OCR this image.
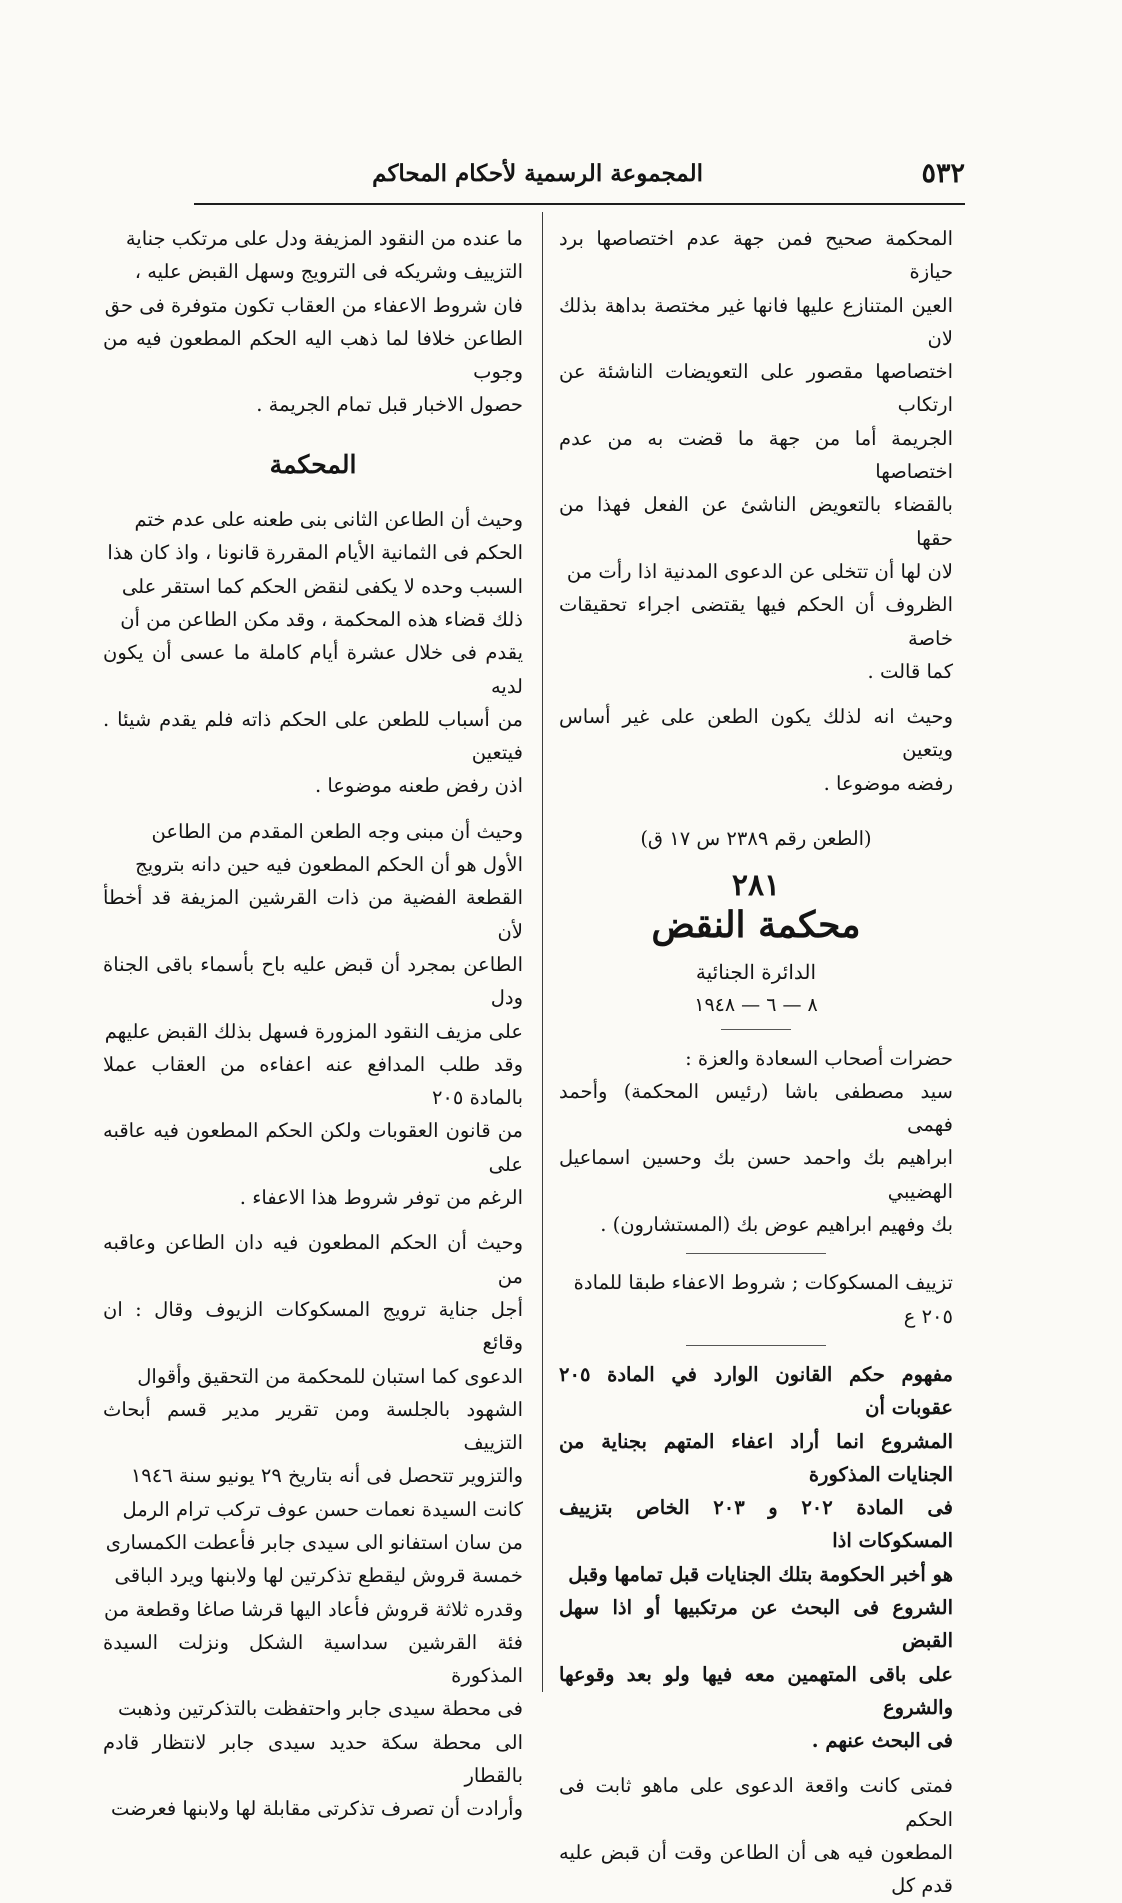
٥٣٢
المجموعة الرسمية لأحكام المحاكم
المحكمة صحيح فمن جهة عدم اختصاصها برد حيازة
العين المتنازع عليها فانها غير مختصة بداهة بذلك لان
اختصاصها مقصور على التعويضات الناشئة عن ارتكاب
الجريمة أما من جهة ما قضت به من عدم اختصاصها
بالقضاء بالتعويض الناشئ عن الفعل فهذا من حقها
لان لها أن تتخلى عن الدعوى المدنية اذا رأت من
الظروف أن الحكم فيها يقتضى اجراء تحقيقات خاصة
كما قالت .
وحيث انه لذلك يكون الطعن على غير أساس ويتعين
رفضه موضوعا .
(الطعن رقم ٢٣٨٩ س ١٧ ق)
٢٨١
محكمة النقض
الدائرة الجنائية
٨ — ٦ — ١٩٤٨
حضرات أصحاب السعادة والعزة :
سيد مصطفى باشا (رئيس المحكمة) وأحمد فهمى
ابراهيم بك واحمد حسن بك وحسين اسماعيل الهضيبي
بك وفهيم ابراهيم عوض بك (المستشارون) .
تزييف المسكوكات ; شروط الاعفاء طبقا للمادة
٢٠٥ ع
مفهوم حكم القانون الوارد في المادة ٢٠٥ عقوبات أن
المشروع انما أراد اعفاء المتهم بجناية من الجنايات المذكورة
فى المادة ٢٠٢ و ٢٠٣ الخاص بتزييف المسكوكات اذا
هو أخبر الحكومة بتلك الجنايات قبل تمامها وقبل
الشروع فى البحث عن مرتكبيها أو اذا سهل القبض
على باقى المتهمين معه فيها ولو بعد وقوعها والشروع
فى البحث عنهم .
فمتى كانت واقعة الدعوى على ماهو ثابت فى الحكم
المطعون فيه هى أن الطاعن وقت أن قبض عليه قدم كل
ما عنده من النقود المزيفة ودل على مرتكب جناية
التزييف وشريكه فى الترويج وسهل القبض عليه ،
فان شروط الاعفاء من العقاب تكون متوفرة فى حق
الطاعن خلافا لما ذهب اليه الحكم المطعون فيه من وجوب
حصول الاخبار قبل تمام الجريمة .
المحكمة
وحيث أن الطاعن الثانى بنى طعنه على عدم ختم
الحكم فى الثمانية الأيام المقررة قانونا ، واذ كان هذا
السبب وحده لا يكفى لنقض الحكم كما استقر على
ذلك قضاء هذه المحكمة ، وقد مكن الطاعن من أن
يقدم فى خلال عشرة أيام كاملة ما عسى أن يكون لديه
من أسباب للطعن على الحكم ذاته فلم يقدم شيئا . فيتعين
اذن رفض طعنه موضوعا .
وحيث أن مبنى وجه الطعن المقدم من الطاعن
الأول هو أن الحكم المطعون فيه حين دانه بترويج
القطعة الفضية من ذات القرشين المزيفة قد أخطأ لأن
الطاعن بمجرد أن قبض عليه باح بأسماء باقى الجناة ودل
على مزيف النقود المزورة فسهل بذلك القبض عليهم
وقد طلب المدافع عنه اعفاءه من العقاب عملا بالمادة ٢٠٥
من قانون العقوبات ولكن الحكم المطعون فيه عاقبه على
الرغم من توفر شروط هذا الاعفاء .
وحيث أن الحكم المطعون فيه دان الطاعن وعاقبه من
أجل جناية ترويج المسكوكات الزيوف وقال : ان وقائع
الدعوى كما استبان للمحكمة من التحقيق وأقوال
الشهود بالجلسة ومن تقرير مدير قسم أبحاث التزييف
والتزوير تتحصل فى أنه بتاريخ ٢٩ يونيو سنة ١٩٤٦
كانت السيدة نعمات حسن عوف تركب ترام الرمل
من سان استفانو الى سيدى جابر فأعطت الكمسارى
خمسة قروش ليقطع تذكرتين لها ولابنها ويرد الباقى
وقدره ثلاثة قروش فأعاد اليها قرشا صاغا وقطعة من
فئة القرشين سداسية الشكل ونزلت السيدة المذكورة
فى محطة سيدى جابر واحتفظت بالتذكرتين وذهبت
الى محطة سكة حديد سيدى جابر لانتظار قادم بالقطار
وأرادت أن تصرف تذكرتى مقابلة لها ولابنها فعرضت
